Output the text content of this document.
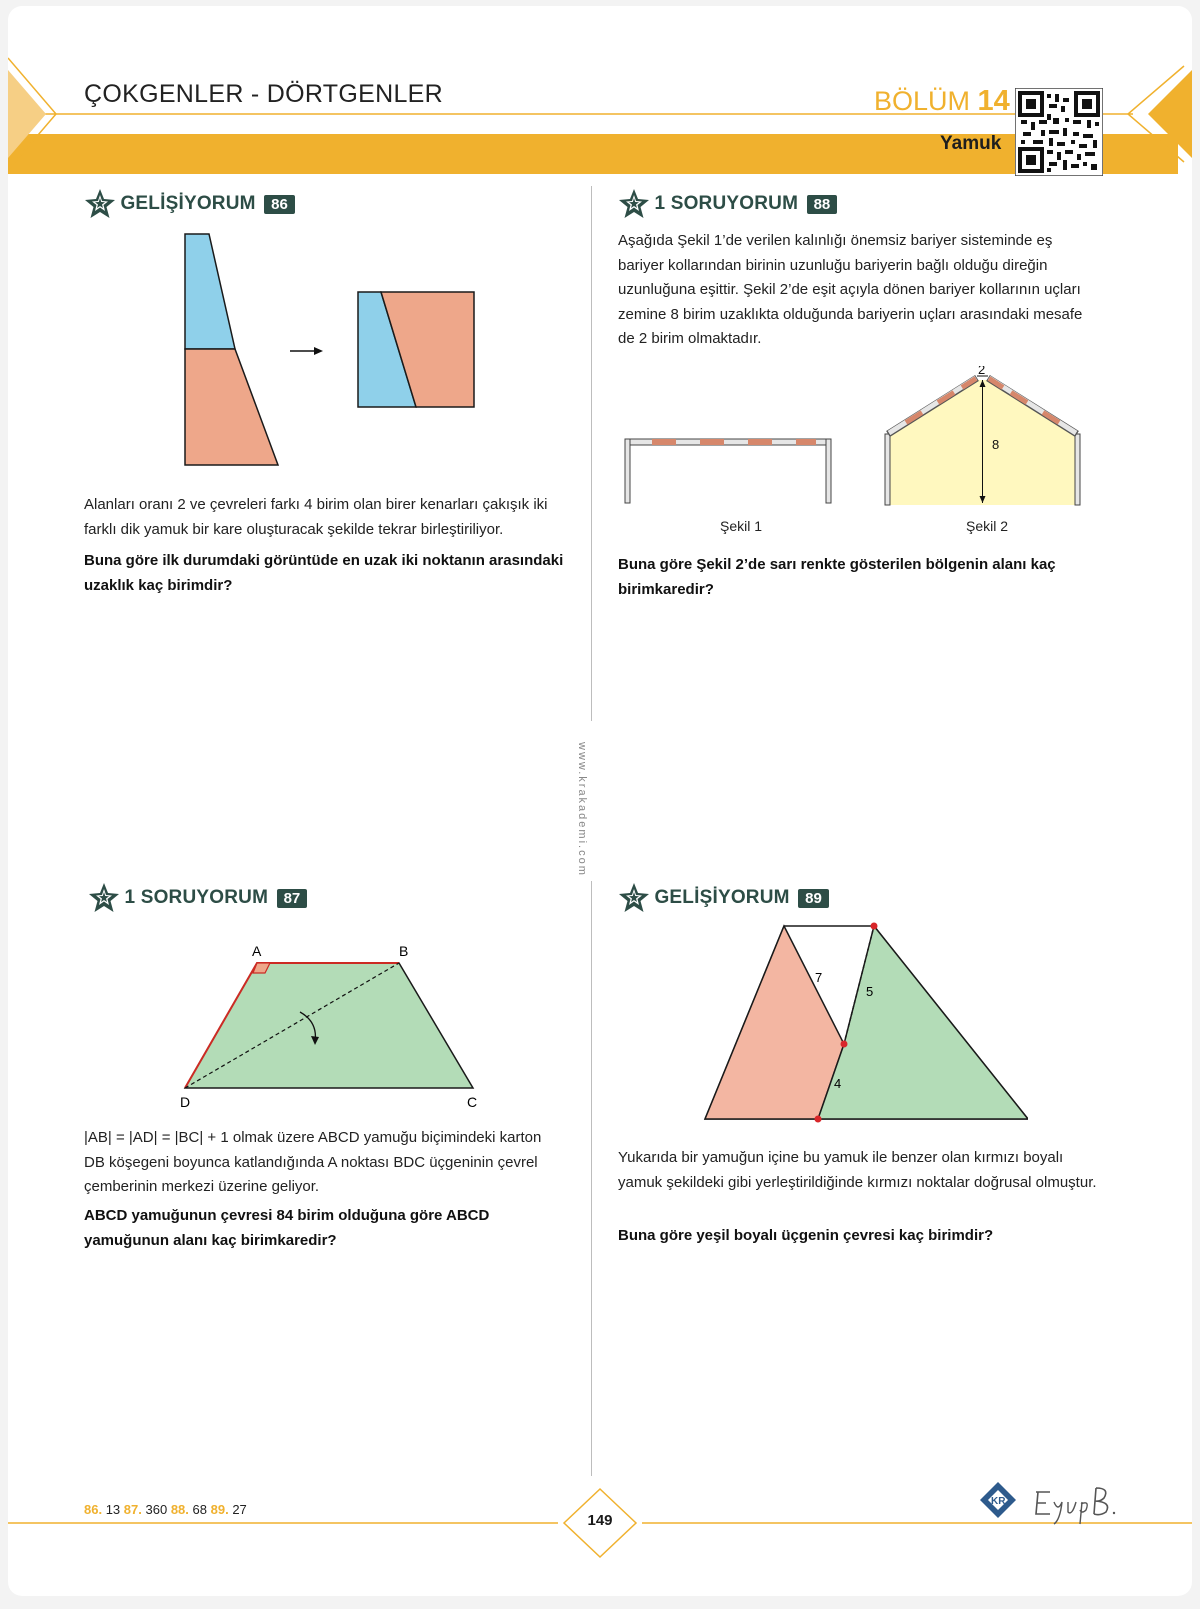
ÇOKGENLER - DÖRTGENLER	BÖLÜM 14
Yamuk
www.krakademi.com
GELİŞİYORUM 86
Alanları oranı 2 ve çevreleri farkı 4 birim olan birer kenarları çakışık iki farklı dik yamuk bir kare oluşturacak şekilde tekrar birleştiriliyor.
Buna göre ilk durumdaki görüntüde en uzak iki noktanın arasındaki uzaklık kaç birimdir?
1 SORUYORUM 88
Aşağıda Şekil 1’de verilen kalınlığı önemsiz bariyer sisteminde eş bariyer kollarından birinin uzunluğu bariyerin bağlı olduğu direğin uzunluğuna eşittir. Şekil 2’de eşit açıyla dönen bariyer kollarının uçları zemine 8 birim uzaklıkta olduğunda bariyerin uçları arasındaki mesafe de 2 birim olmaktadır.
2
8
Şekil 1	Şekil 2
Buna göre Şekil 2’de sarı renkte gösterilen bölgenin alanı kaç birimkaredir?
1 SORUYORUM 87
A	B
C
D
|AB| = |AD| = |BC| + 1 olmak üzere ABCD yamuğu biçimindeki karton DB köşegeni boyunca katlandığında A noktası BDC üçgeninin çevrel çemberinin merkezi üzerine geliyor.
ABCD yamuğunun çevresi 84 birim olduğuna göre ABCD yamuğunun alanı kaç birimkaredir?
GELİŞİYORUM 89
7
5
4
Yukarıda bir yamuğun içine bu yamuk ile benzer olan kırmızı boyalı yamuk şekildeki gibi yerleştirildiğinde kırmızı noktalar doğrusal olmuştur.
Buna göre yeşil boyalı üçgenin çevresi kaç birimdir?
86. 13 87. 360 88. 68 89. 27
149
KR
